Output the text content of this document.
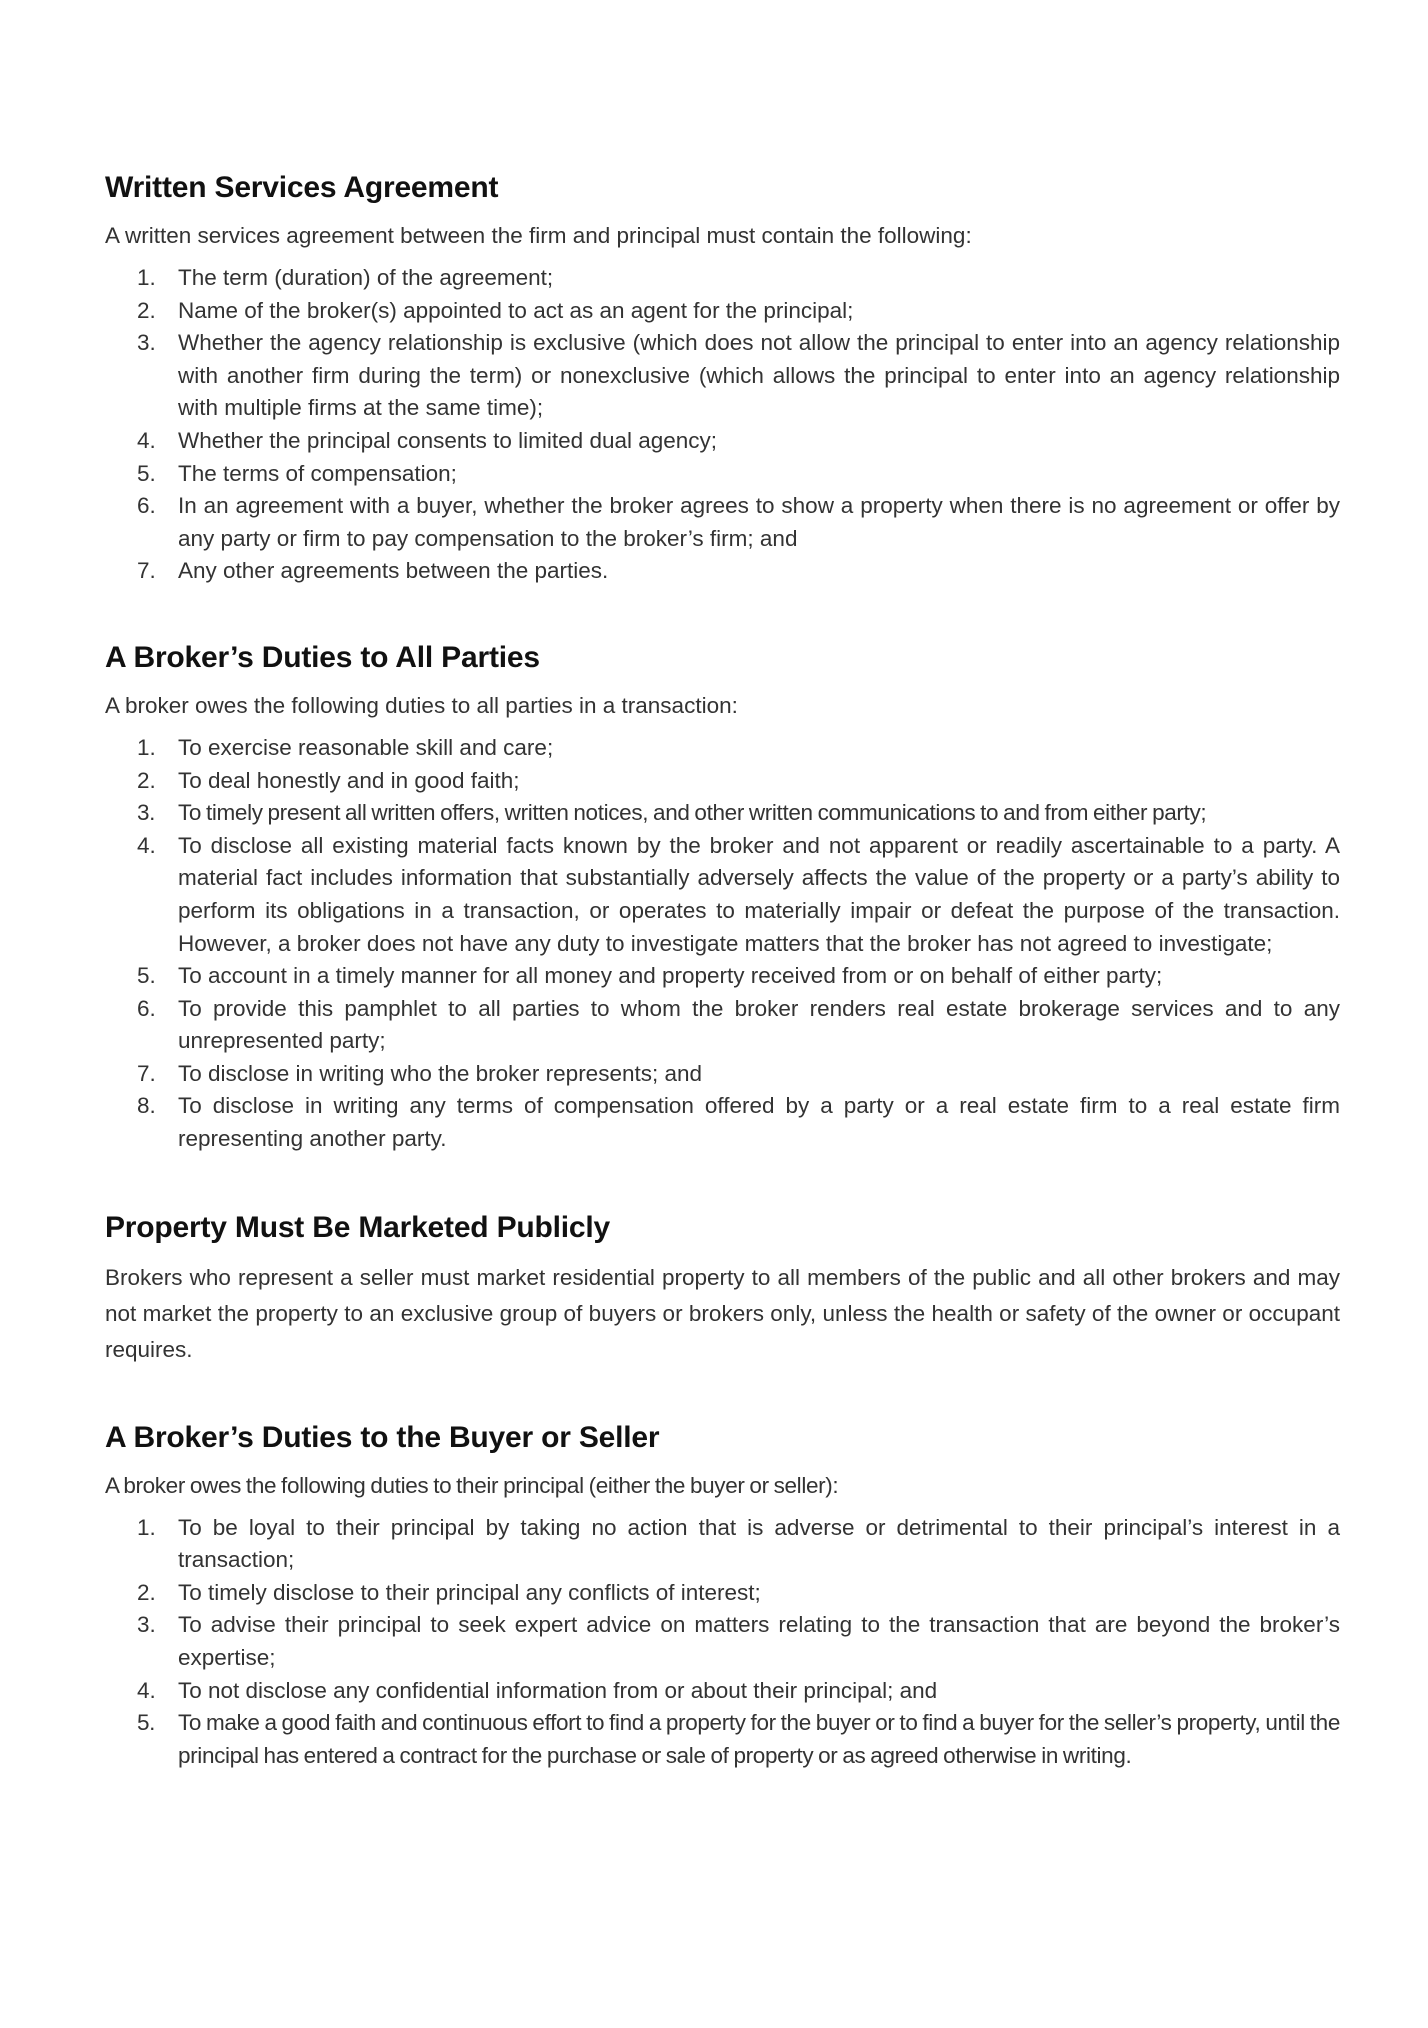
Written Services Agreement
A written services agreement between the firm and principal must contain the following:
1. The term (duration) of the agreement;
2. Name of the broker(s) appointed to act as an agent for the principal;
3. Whether the agency relationship is exclusive (which does not allow the principal to enter into an agency relationship with another firm during the term) or nonexclusive (which allows the principal to enter into an agency relationship with multiple firms at the same time);
4. Whether the principal consents to limited dual agency;
5. The terms of compensation;
6. In an agreement with a buyer, whether the broker agrees to show a property when there is no agreement or offer by any party or firm to pay compensation to the broker’s firm; and
7. Any other agreements between the parties.
A Broker’s Duties to All Parties
A broker owes the following duties to all parties in a transaction:
1. To exercise reasonable skill and care;
2. To deal honestly and in good faith;
3.	To timely present all written offers, written notices, and other written communications to and from either party;
4. To disclose all existing material facts known by the broker and not apparent or readily ascertainable to a party. A material fact includes information that substantially adversely affects the value of the property or a party’s ability to perform its obligations in a transaction, or operates to materially impair or defeat the purpose of the transaction. However, a broker does not have any duty to investigate matters that the broker has not agreed to investigate;
5. To account in a timely manner for all money and property received from or on behalf of either party;
6. To provide this pamphlet to all parties to whom the broker renders real estate brokerage services and to any unrepresented party;
7. To disclose in writing who the broker represents; and
8. To disclose in writing any terms of compensation offered by a party or a real estate firm to a real estate firm representing another party.
Property Must Be Marketed Publicly

Brokers who represent a seller must market residential property to all members of the public and all other brokers and may not market the property to an exclusive group of buyers or brokers only, unless the health or safety of the owner or occupant requires.

A Broker’s Duties to the Buyer or Seller
A broker owes the following duties to their principal (either the buyer or seller):
1. To be loyal to their principal by taking no action that is adverse or detrimental to their principal’s interest in a transaction;
2. To timely disclose to their principal any conflicts of interest;
3. To advise their principal to seek expert advice on matters relating to the transaction that are beyond the broker’s expertise;
4. To not disclose any confidential information from or about their principal; and
5.	To make a good faith and continuous effort to find a property for the buyer or to find a buyer for the seller’s property, until the principal has entered a contract for the purchase or sale of property or as agreed otherwise in writing.
